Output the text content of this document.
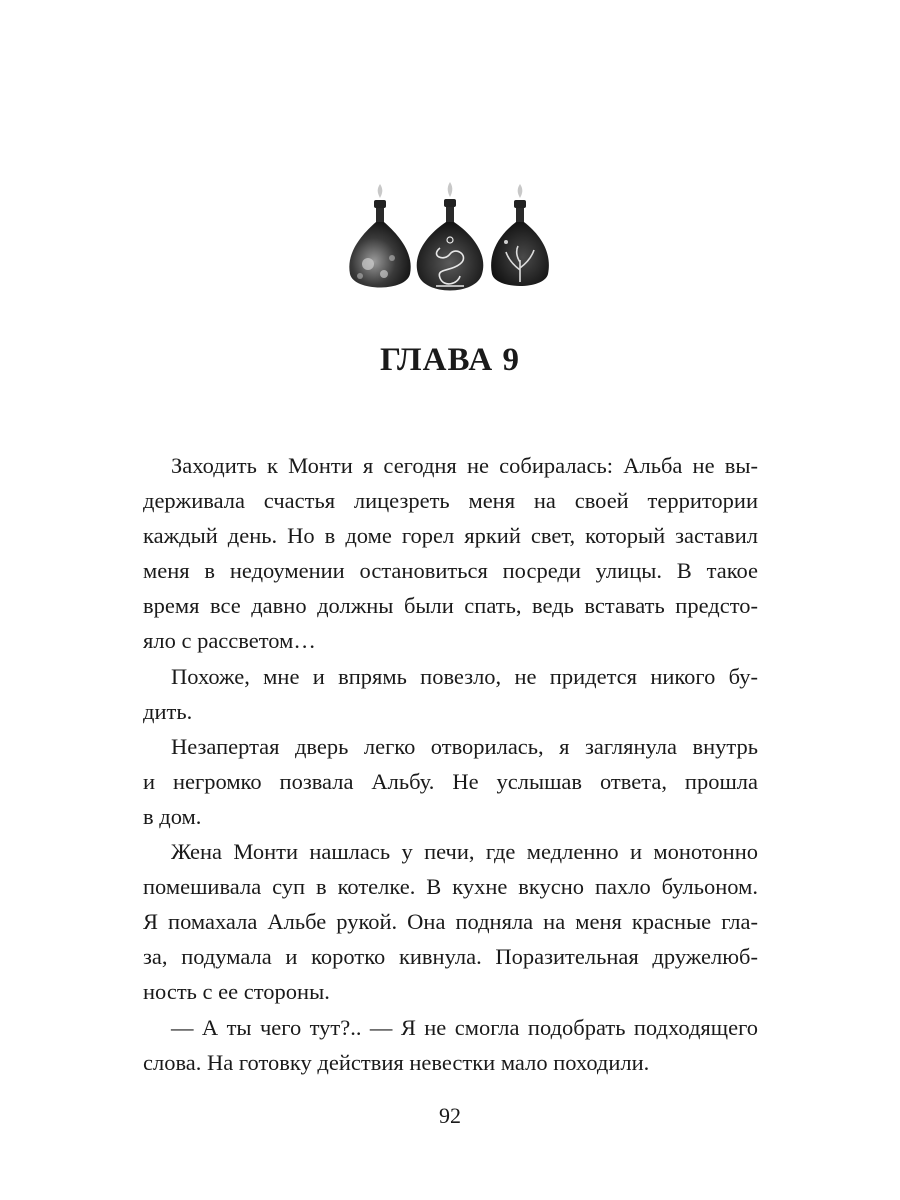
ГЛАВА 9
Заходить к Монти я сегодня не собиралась: Альба не вы-
держивала счастья лицезреть меня на своей территории
каждый день. Но в доме горел яркий свет, который заставил
меня в недоумении остановиться посреди улицы. В такое
время все давно должны были спать, ведь вставать предсто-
яло с рассветом…
Похоже, мне и впрямь повезло, не придется никого бу-
дить.
Незапертая дверь легко отворилась, я заглянула внутрь
и негромко позвала Альбу. Не услышав ответа, прошла
в дом.
Жена Монти нашлась у печи, где медленно и монотонно
помешивала суп в котелке. В кухне вкусно пахло бульоном.
Я помахала Альбе рукой. Она подняла на меня красные гла-
за, подумала и коротко кивнула. Поразительная дружелюб-
ность с ее стороны.
— А ты чего тут?.. — Я не смогла подобрать подходящего
слова. На готовку действия невестки мало походили.
92
